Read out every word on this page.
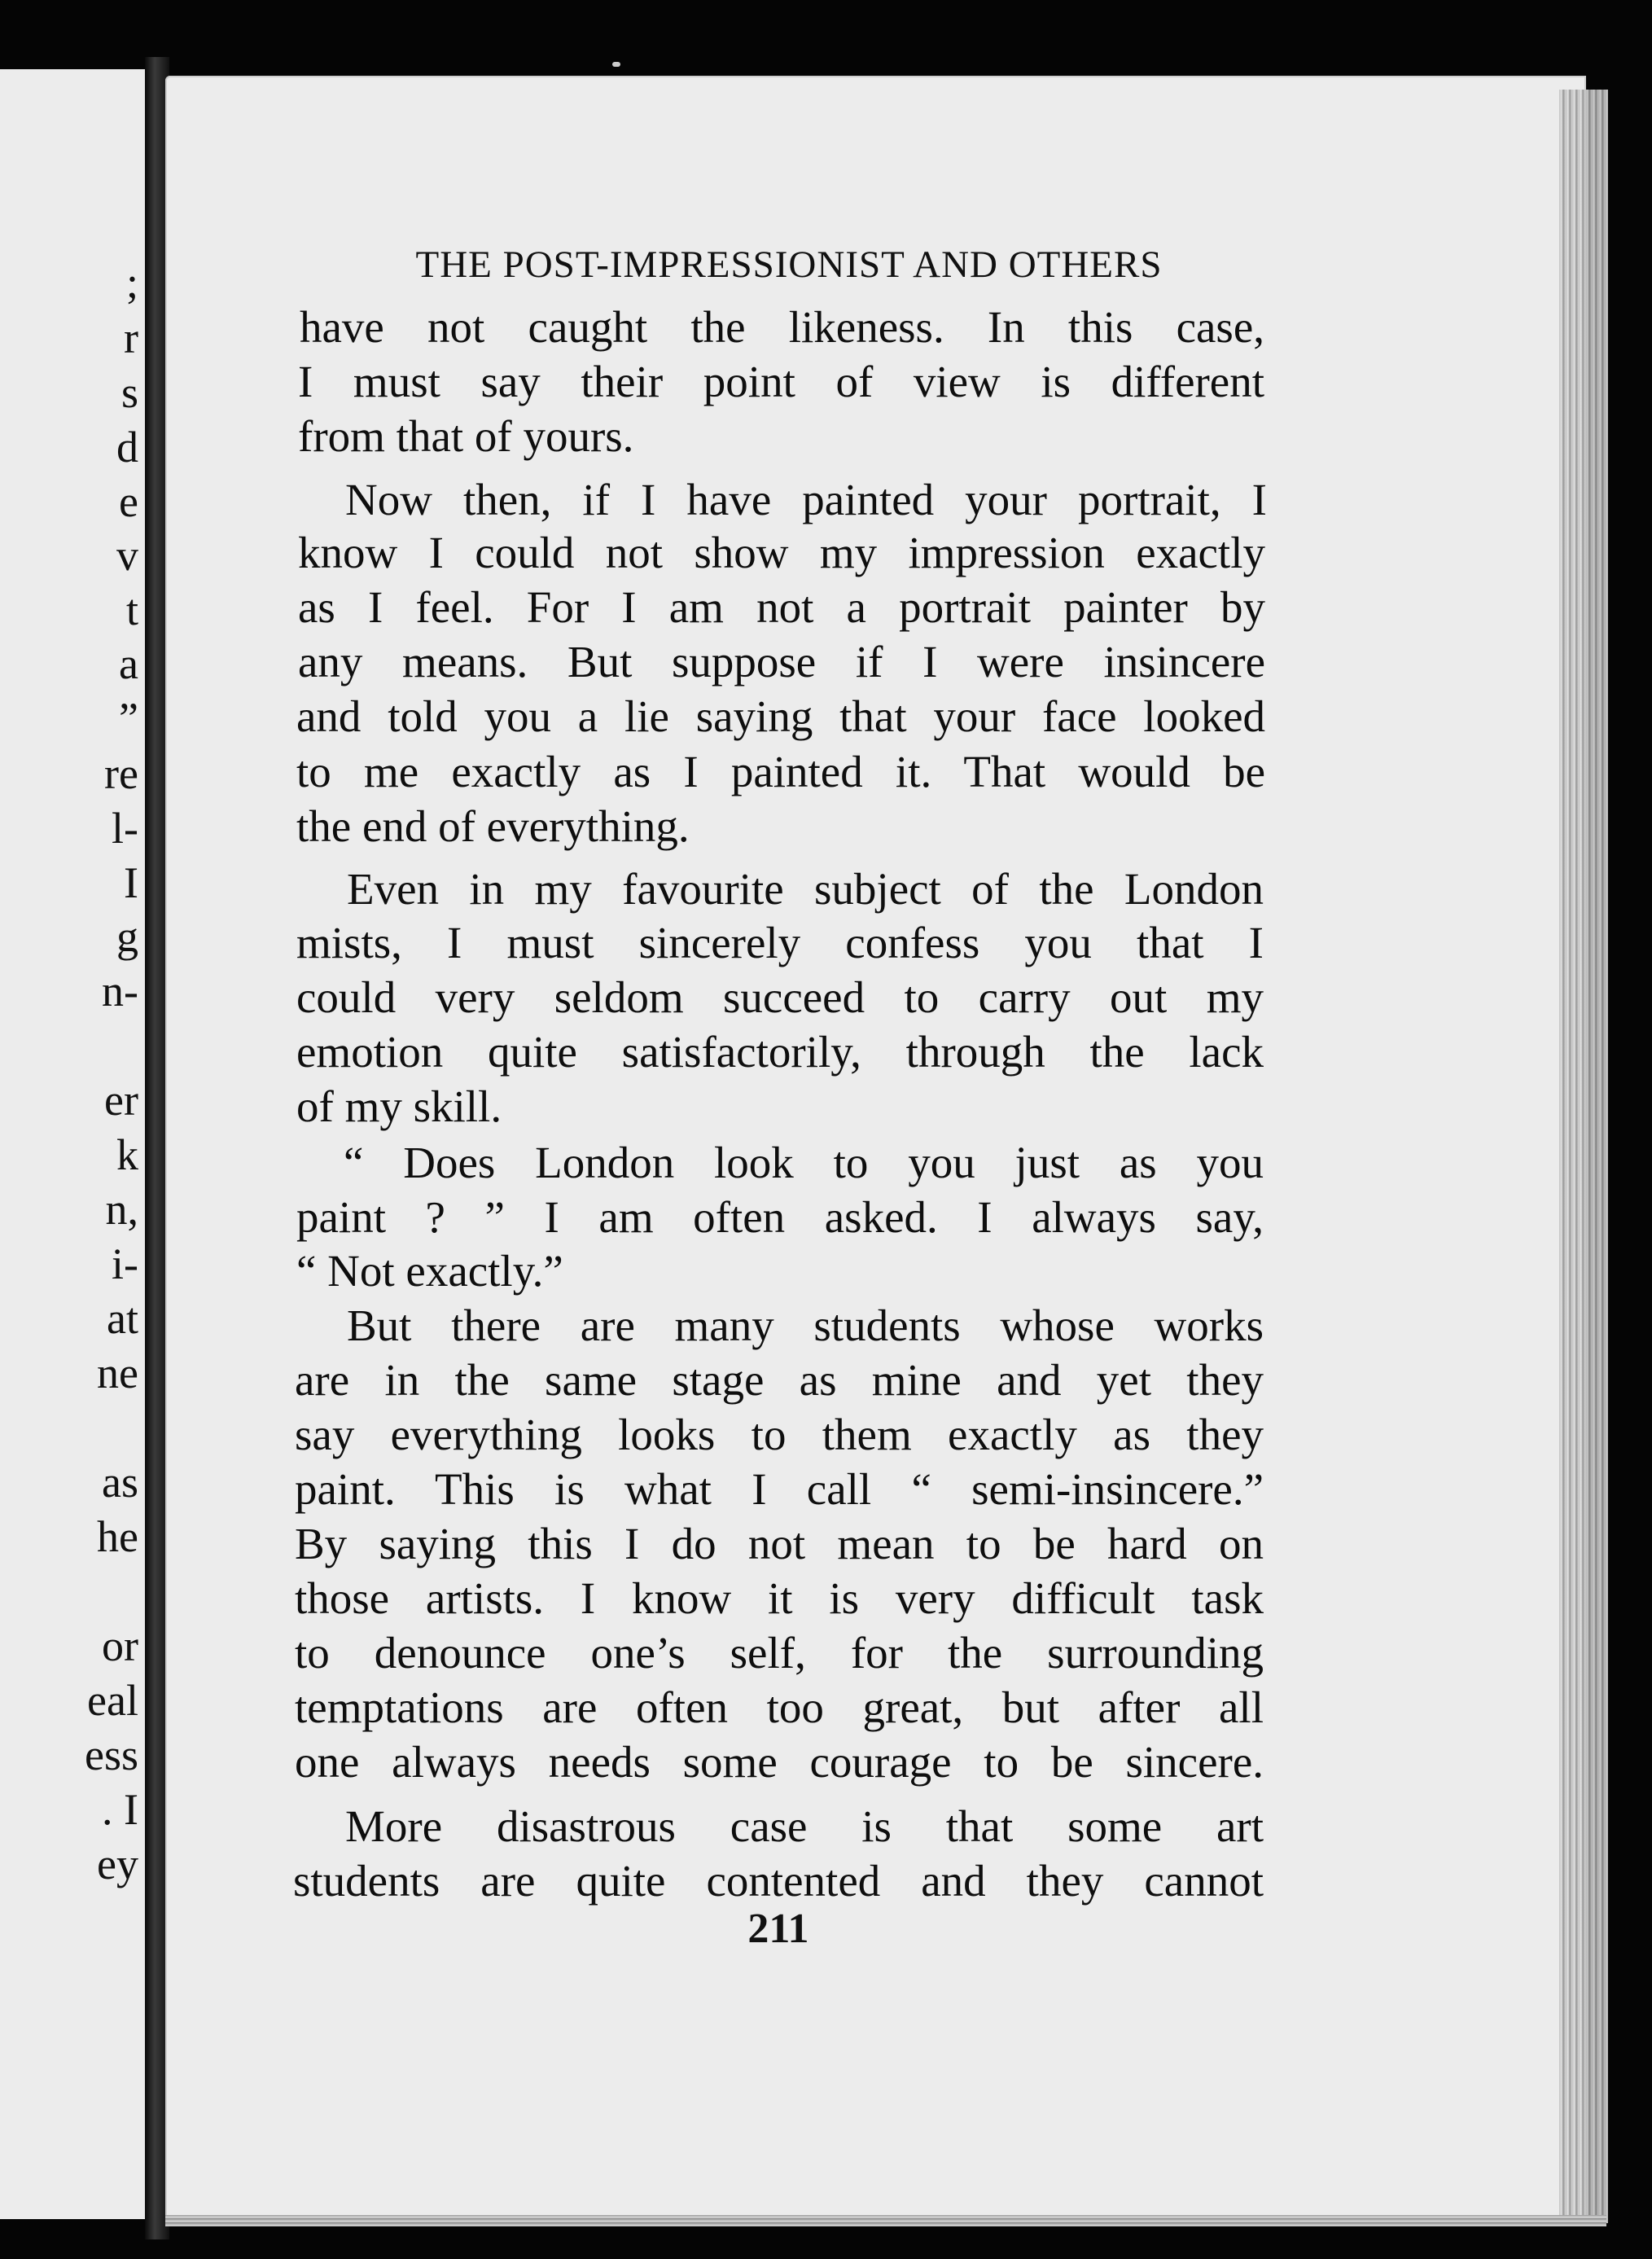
;
r
s
d
e
v
t
a
”
re
l-
I
g
n-
er
k
n,
i-
at
ne
as
he
or
eal
ess
. I
ey
THE POST-IMPRESSIONIST AND OTHERS
have not caught the likeness. In this case,
I must say their point of view is different
from that of yours.
Now then, if I have painted your portrait, I
know I could not show my impression exactly
as I feel. For I am not a portrait painter by
any means. But suppose if I were insincere
and told you a lie saying that your face looked
to me exactly as I painted it. That would be
the end of everything.
Even in my favourite subject of the London
mists, I must sincerely confess you that I
could very seldom succeed to carry out my
emotion quite satisfactorily, through the lack
of my skill.
“ Does London look to you just as you
paint ? ” I am often asked. I always say,
“ Not exactly.”
But there are many students whose works
are in the same stage as mine and yet they
say everything looks to them exactly as they
paint. This is what I call “ semi-insincere.”
By saying this I do not mean to be hard on
those artists. I know it is very difficult task
to denounce one’s self, for the surrounding
temptations are often too great, but after all
one always needs some courage to be sincere.
More disastrous case is that some art
students are quite contented and they cannot
211
